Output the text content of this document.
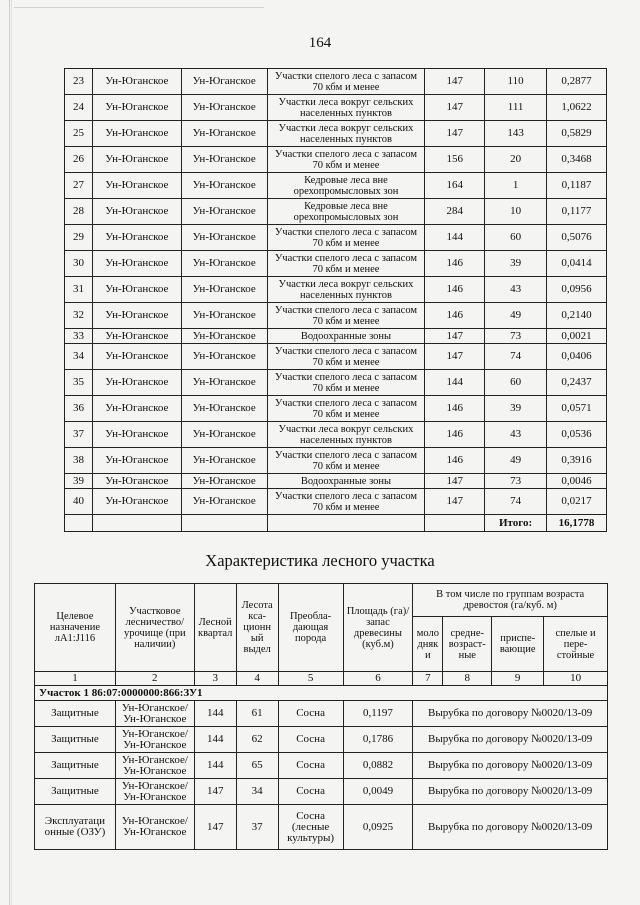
164
23	Ун-Юганское	Ун-Юганское	Участки спелого леса с запасом 70 кбм и менее	147	110	0,2877
24	Ун-Юганское	Ун-Юганское	Участки леса вокруг сельских населенных пунктов	147	111	1,0622
25	Ун-Юганское	Ун-Юганское	Участки леса вокруг сельских населенных пунктов	147	143	0,5829
26	Ун-Юганское	Ун-Юганское	Участки спелого леса с запасом 70 кбм и менее	156	20	0,3468
27	Ун-Юганское	Ун-Юганское	Кедровые леса вне орехопромысловых зон	164	1	0,1187
28	Ун-Юганское	Ун-Юганское	Кедровые леса вне орехопромысловых зон	284	10	0,1177
29	Ун-Юганское	Ун-Юганское	Участки спелого леса с запасом 70 кбм и менее	144	60	0,5076
30	Ун-Юганское	Ун-Юганское	Участки спелого леса с запасом 70 кбм и менее	146	39	0,0414
31	Ун-Юганское	Ун-Юганское	Участки леса вокруг сельских населенных пунктов	146	43	0,0956
32	Ун-Юганское	Ун-Юганское	Участки спелого леса с запасом 70 кбм и менее	146	49	0,2140
33	Ун-Юганское	Ун-Юганское	Водоохранные зоны	147	73	0,0021
34	Ун-Юганское	Ун-Юганское	Участки спелого леса с запасом 70 кбм и менее	147	74	0,0406
35	Ун-Юганское	Ун-Юганское	Участки спелого леса с запасом 70 кбм и менее	144	60	0,2437
36	Ун-Юганское	Ун-Юганское	Участки спелого леса с запасом 70 кбм и менее	146	39	0,0571
37	Ун-Юганское	Ун-Юганское	Участки леса вокруг сельских населенных пунктов	146	43	0,0536
38	Ун-Юганское	Ун-Юганское	Участки спелого леса с запасом 70 кбм и менее	146	49	0,3916
39	Ун-Юганское	Ун-Юганское	Водоохранные зоны	147	73	0,0046
40	Ун-Юганское	Ун-Юганское	Участки спелого леса с запасом 70 кбм и менее	147	74	0,0217
					Итого:	16,1778
Характеристика лесного участка
Целевое назначение лА1:J116	Участковое лесничество/ урочище (при наличии)	Лесной квартал	Лесота кса- ционн ый выдел	Преобла- дающая порода	Площадь (га)/ запас древесины (куб.м)	В том числе по группам возраста древостоя (га/куб. м)			
						моло дняк и	средне- возраст- ные	приспе- вающие	спелые и пере- стойные
1	2	3	4	5	6	7	8	9	10
Участок 1 86:07:0000000:866:ЗУ1									
Защитные	Ун-Юганское/ Ун-Юганское	144	61	Сосна	0,1197	Вырубка по договору №0020/13-09			
Защитные	Ун-Юганское/ Ун-Юганское	144	62	Сосна	0,1786	Вырубка по договору №0020/13-09			
Защитные	Ун-Юганское/ Ун-Юганское	144	65	Сосна	0,0882	Вырубка по договору №0020/13-09			
Защитные	Ун-Юганское/ Ун-Юганское	147	34	Сосна	0,0049	Вырубка по договору №0020/13-09			
Эксплуатаци онные (ОЗУ)	Ун-Юганское/ Ун-Юганское	147	37	Сосна (лесные культуры)	0,0925	Вырубка по договору №0020/13-09			
